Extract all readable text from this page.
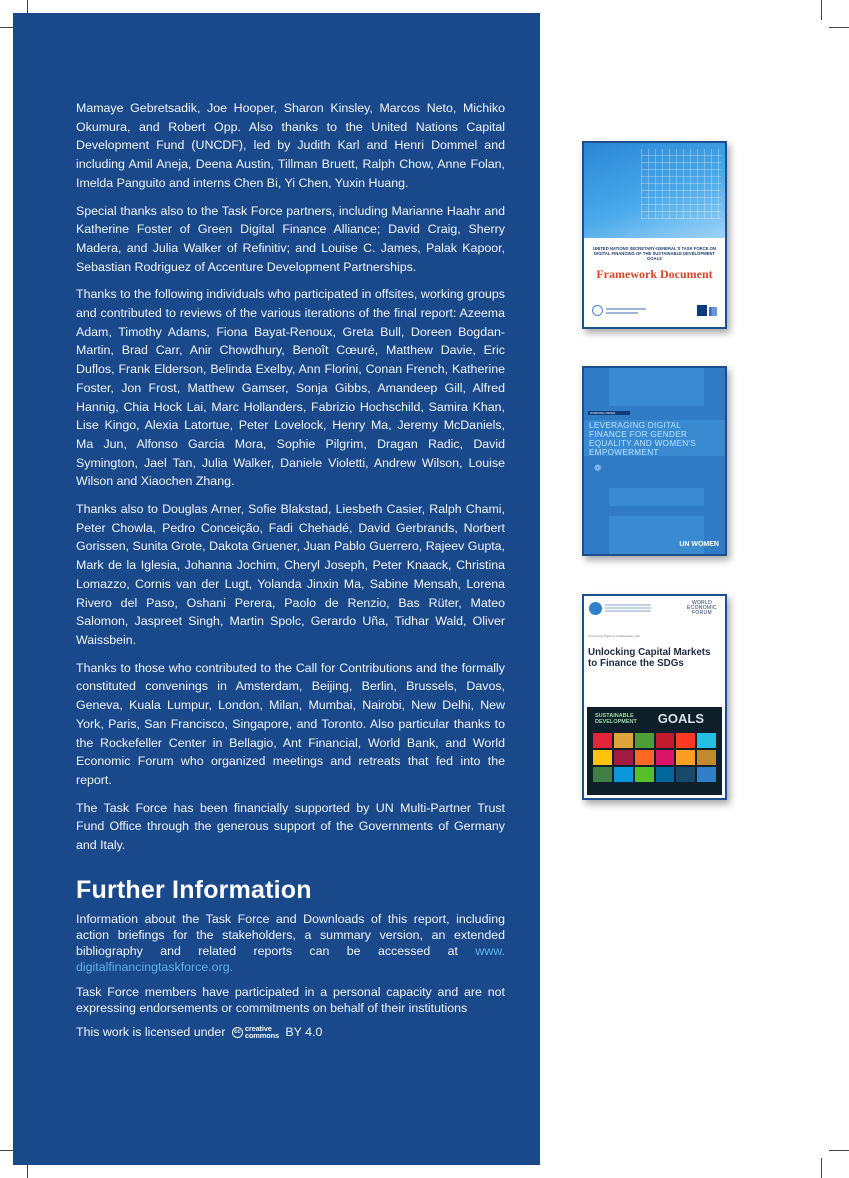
Mamaye Gebretsadik, Joe Hooper, Sharon Kinsley, Marcos Neto, Michiko Okumura, and Robert Opp. Also thanks to the United Nations Capital Development Fund (UNCDF), led by Judith Karl and Henri Dommel and including Amil Aneja, Deena Austin, Tillman Bruett, Ralph Chow, Anne Folan, Imelda Panguito and interns Chen Bi, Yi Chen, Yuxin Huang.

Special thanks also to the Task Force partners, including Marianne Haahr and Katherine Foster of Green Digital Finance Alliance; David Craig, Sherry Madera, and Julia Walker of Refinitiv; and Louise C. James, Palak Kapoor, Sebastian Rodriguez of Accenture Development Partnerships.

Thanks to the following individuals who participated in offsites, working groups and contributed to reviews of the various iterations of the final report: Azeema Adam, Timothy Adams, Fiona Bayat-Renoux, Greta Bull, Doreen Bogdan-Martin, Brad Carr, Anir Chowdhury, Benoît Cœuré, Matthew Davie, Eric Duflos, Frank Elderson, Belinda Exelby, Ann Florini, Conan French, Katherine Foster, Jon Frost, Matthew Gamser, Sonja Gibbs, Amandeep Gill, Alfred Hannig, Chia Hock Lai, Marc Hollanders, Fabrizio Hochschild, Samira Khan, Lise Kingo, Alexia Latortue, Peter Lovelock, Henry Ma, Jeremy McDaniels, Ma Jun, Alfonso Garcia Mora, Sophie Pilgrim, Dragan Radic, David Symington, Jael Tan, Julia Walker, Daniele Violetti, Andrew Wilson, Louise Wilson and Xiaochen Zhang.

Thanks also to Douglas Arner, Sofie Blakstad, Liesbeth Casier, Ralph Chami, Peter Chowla, Pedro Conceição, Fadi Chehadé, David Gerbrands, Norbert Gorissen, Sunita Grote, Dakota Gruener, Juan Pablo Guerrero, Rajeev Gupta, Mark de la Iglesia, Johanna Jochim, Cheryl Joseph, Peter Knaack, Christina Lomazzo, Cornis van der Lugt, Yolanda Jinxin Ma, Sabine Mensah, Lorena Rivero del Paso, Oshani Perera, Paolo de Renzio, Bas Rüter, Mateo Salomon, Jaspreet Singh, Martin Spolc, Gerardo Uña, Tidhar Wald, Oliver Waissbein.

Thanks to those who contributed to the Call for Contributions and the formally constituted convenings in Amsterdam, Beijing, Berlin, Brussels, Davos, Geneva, Kuala Lumpur, London, Milan, Mumbai, Nairobi, New Delhi, New York, Paris, San Francisco, Singapore, and Toronto. Also particular thanks to the Rockefeller Center in Bellagio, Ant Financial, World Bank, and World Economic Forum who organized meetings and retreats that fed into the report.

The Task Force has been financially supported by UN Multi-Partner Trust Fund Office through the generous support of the Governments of Germany and Italy.

Further Information

Information about the Task Force and Downloads of this report, including action briefings for the stakeholders, a summary version, an extended bibliography and related reports can be accessed at www. digitalfinancingtaskforce.org.

Task Force members have participated in a personal capacity and are not expressing endorsements or commitments on behalf of their institutions

This work is licensed under	cc creative
commons BY 4.0
UNITED NATIONS SECRETARY-GENERAL'S TASK FORCE ON DIGITAL FINANCING OF THE SUSTAINABLE DEVELOPMENT GOALS
Framework Document
WORKING PAPER
LEVERAGING DIGITAL FINANCE FOR GENDER EQUALITY AND WOMEN'S EMPOWERMENT
❁
UN WOMEN
WORLD ECONOMIC FORUM
Community Paper In Collaboration with
Unlocking Capital Markets to Finance the SDGs
SUSTAINABLE DEVELOPMENT	GOALS
